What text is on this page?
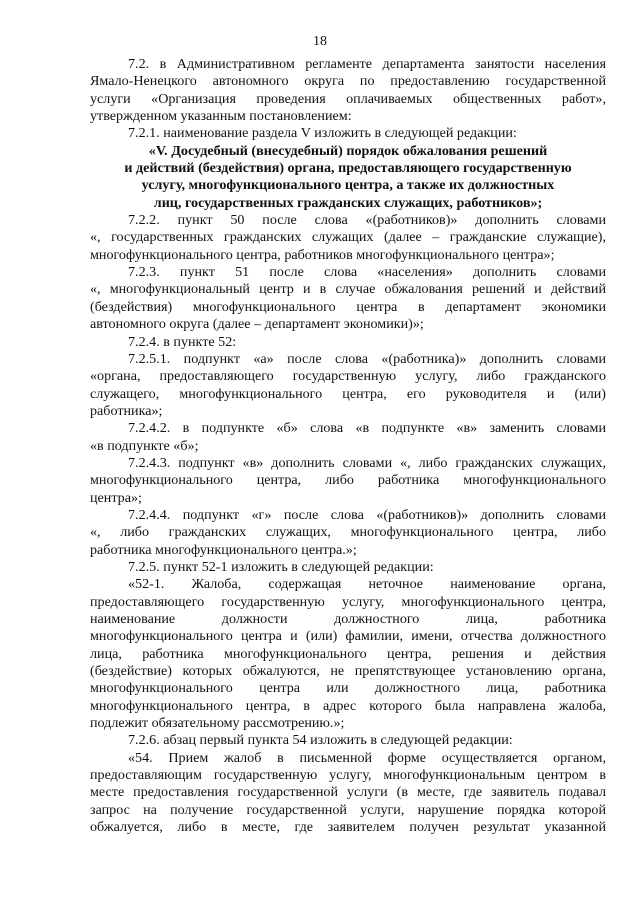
18
7.2. в Административном регламенте департамента занятости населения
Ямало-Ненецкого автономного округа по предоставлению государственной
услуги «Организация проведения оплачиваемых общественных работ»,
утвержденном указанным постановлением:
7.2.1. наименование раздела V изложить в следующей редакции:
«V. Досудебный (внесудебный) порядок обжалования решений
и действий (бездействия) органа, предоставляющего государственную
услугу, многофункционального центра, а также их должностных
лиц, государственных гражданских служащих, работников»;
7.2.2. пункт 50 после слова «(работников)» дополнить словами
«, государственных гражданских служащих (далее – гражданские служащие),
многофункционального центра, работников многофункционального центра»;
7.2.3. пункт 51 после слова «населения» дополнить словами
«, многофункциональный центр и в случае обжалования решений и действий
(бездействия) многофункционального центра в департамент экономики
автономного округа (далее – департамент экономики)»;
7.2.4. в пункте 52:
7.2.5.1. подпункт «а» после слова «(работника)» дополнить словами
«органа, предоставляющего государственную услугу, либо гражданского
служащего, многофункционального центра, его руководителя и (или)
работника»;
7.2.4.2. в подпункте «б» слова «в подпункте «в» заменить словами
«в подпункте «б»;
7.2.4.3. подпункт «в» дополнить словами «, либо гражданских служащих,
многофункционального центра, либо работника многофункционального
центра»;
7.2.4.4. подпункт «г» после слова «(работников)» дополнить словами
«, либо гражданских служащих, многофункционального центра, либо
работника многофункционального центра.»;
7.2.5. пункт 52-1 изложить в следующей редакции:
«52-1. Жалоба, содержащая неточное наименование органа,
предоставляющего государственную услугу, многофункционального центра,
наименование должности должностного лица, работника
многофункционального центра и (или) фамилии, имени, отчества должностного
лица, работника многофункционального центра, решения и действия
(бездействие) которых обжалуются, не препятствующее установлению органа,
многофункционального центра или должностного лица, работника
многофункционального центра, в адрес которого была направлена жалоба,
подлежит обязательному рассмотрению.»;
7.2.6. абзац первый пункта 54 изложить в следующей редакции:
«54. Прием жалоб в письменной форме осуществляется органом,
предоставляющим государственную услугу, многофункциональным центром в
месте предоставления государственной услуги (в месте, где заявитель подавал
запрос на получение государственной услуги, нарушение порядка которой
обжалуется, либо в месте, где заявителем получен результат указанной
